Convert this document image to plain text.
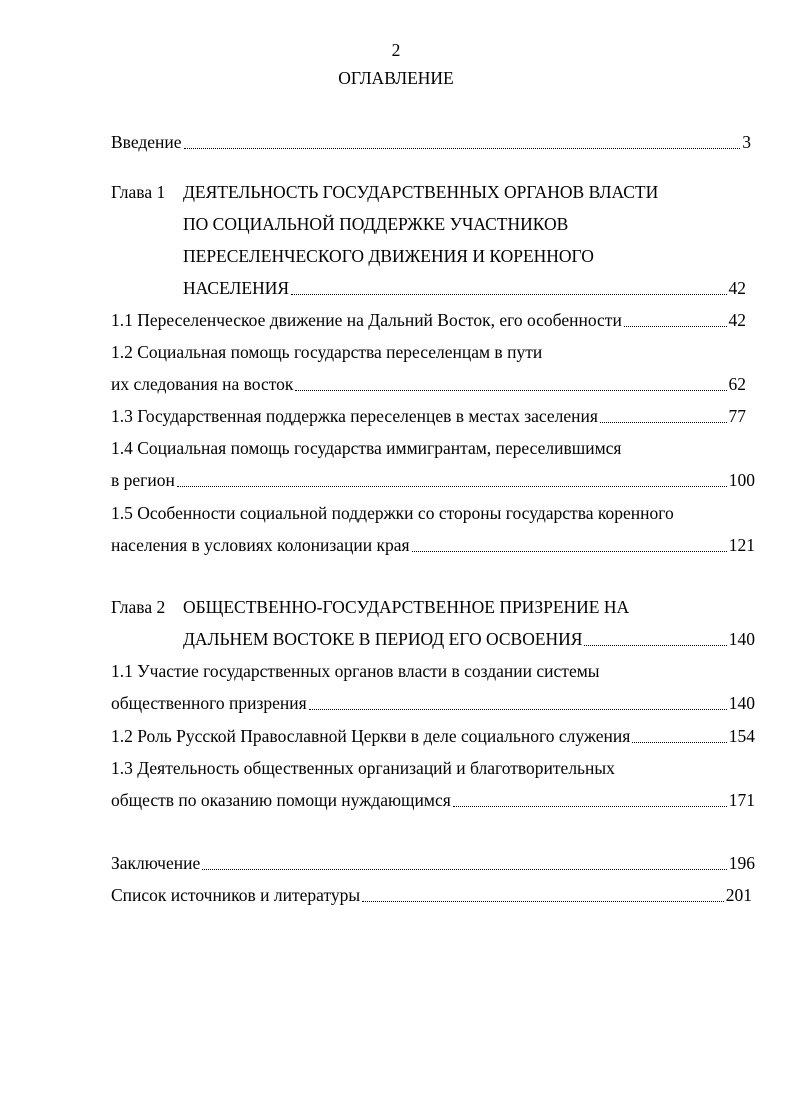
2
ОГЛАВЛЕНИЕ
Введение	3
Глава 1 ДЕЯТЕЛЬНОСТЬ ГОСУДАРСТВЕННЫХ ОРГАНОВ ВЛАСТИ
ПО СОЦИАЛЬНОЙ ПОДДЕРЖКЕ УЧАСТНИКОВ
ПЕРЕСЕЛЕНЧЕСКОГО ДВИЖЕНИЯ И КОРЕННОГО
НАСЕЛЕНИЯ	42
1.1 Переселенческое движение на Дальний Восток, его особенности	42
1.2 Социальная помощь государства переселенцам в пути
их следования на восток	62
1.3 Государственная поддержка переселенцев в местах заселения	77
1.4 Социальная помощь государства иммигрантам, переселившимся
в регион	100
1.5 Особенности социальной поддержки со стороны государства коренного
населения в условиях колонизации края	121
Глава 2 ОБЩЕСТВЕННО-ГОСУДАРСТВЕННОЕ ПРИЗРЕНИЕ НА
ДАЛЬНЕМ ВОСТОКЕ В ПЕРИОД ЕГО ОСВОЕНИЯ	140
1.1 Участие государственных органов власти в создании системы
общественного призрения	140
1.2 Роль Русской Православной Церкви в деле социального служения	154
1.3 Деятельность общественных организаций и благотворительных
обществ по оказанию помощи нуждающимся	171
Заключение	196
Список источников и литературы	201
